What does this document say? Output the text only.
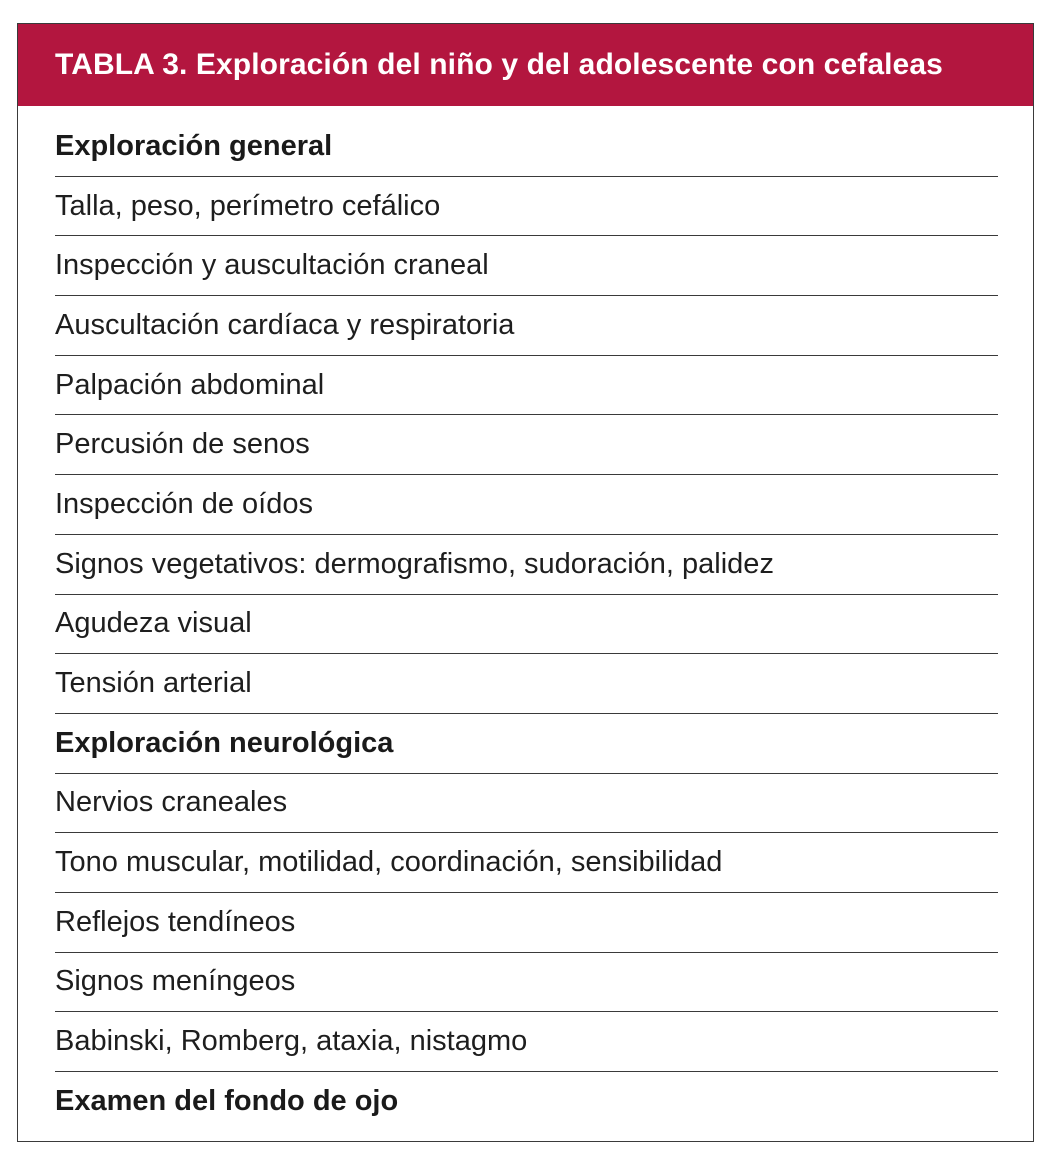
TABLA 3. Exploración del niño y del adolescente con cefaleas
Exploración general
Talla, peso, perímetro cefálico
Inspección y auscultación craneal
Auscultación cardíaca y respiratoria
Palpación abdominal
Percusión de senos
Inspección de oídos
Signos vegetativos: dermografismo, sudoración, palidez
Agudeza visual
Tensión arterial
Exploración neurológica
Nervios craneales
Tono muscular, motilidad, coordinación, sensibilidad
Reflejos tendíneos
Signos meníngeos
Babinski, Romberg, ataxia, nistagmo
Examen del fondo de ojo
